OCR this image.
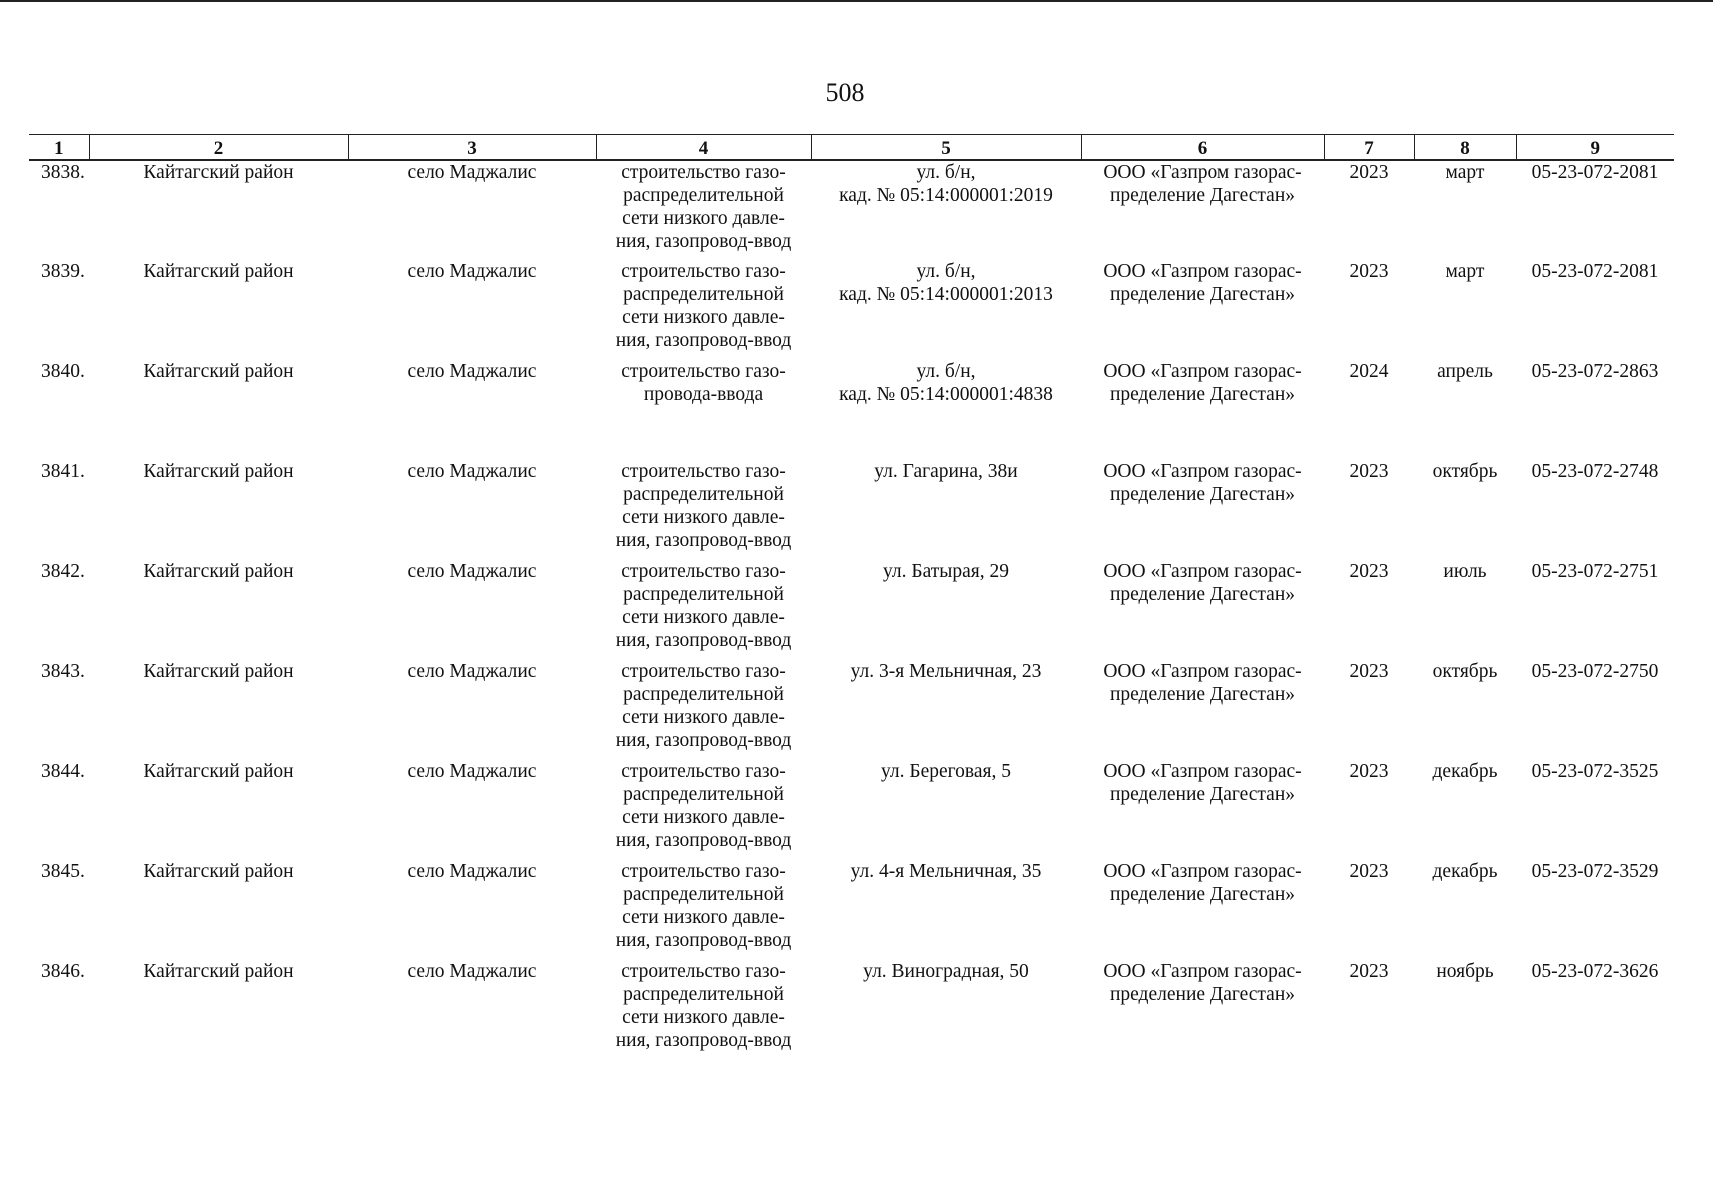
508
1	2	3	4	5	6	7	8	9
3838.	Кайтагский район	село Маджалис	строительство газо-
распределительной
сети низкого давле-
ния, газопровод-ввод	ул. б/н,
кад. № 05:14:000001:2019	ООО «Газпром газорас-
пределение Дагестан»	2023	март	05-23-072-2081
3839.	Кайтагский район	село Маджалис	строительство газо-
распределительной
сети низкого давле-
ния, газопровод-ввод	ул. б/н,
кад. № 05:14:000001:2013	ООО «Газпром газорас-
пределение Дагестан»	2023	март	05-23-072-2081
3840.	Кайтагский район	село Маджалис	строительство газо-
провода-ввода	ул. б/н,
кад. № 05:14:000001:4838	ООО «Газпром газорас-
пределение Дагестан»	2024	апрель	05-23-072-2863
3841.	Кайтагский район	село Маджалис	строительство газо-
распределительной
сети низкого давле-
ния, газопровод-ввод	ул. Гагарина, 38и	ООО «Газпром газорас-
пределение Дагестан»	2023	октябрь	05-23-072-2748
3842.	Кайтагский район	село Маджалис	строительство газо-
распределительной
сети низкого давле-
ния, газопровод-ввод	ул. Батырая, 29	ООО «Газпром газорас-
пределение Дагестан»	2023	июль	05-23-072-2751
3843.	Кайтагский район	село Маджалис	строительство газо-
распределительной
сети низкого давле-
ния, газопровод-ввод	ул. 3-я Мельничная, 23	ООО «Газпром газорас-
пределение Дагестан»	2023	октябрь	05-23-072-2750
3844.	Кайтагский район	село Маджалис	строительство газо-
распределительной
сети низкого давле-
ния, газопровод-ввод	ул. Береговая, 5	ООО «Газпром газорас-
пределение Дагестан»	2023	декабрь	05-23-072-3525
3845.	Кайтагский район	село Маджалис	строительство газо-
распределительной
сети низкого давле-
ния, газопровод-ввод	ул. 4-я Мельничная, 35	ООО «Газпром газорас-
пределение Дагестан»	2023	декабрь	05-23-072-3529
3846.	Кайтагский район	село Маджалис	строительство газо-
распределительной
сети низкого давле-
ния, газопровод-ввод	ул. Виноградная, 50	ООО «Газпром газорас-
пределение Дагестан»	2023	ноябрь	05-23-072-3626
